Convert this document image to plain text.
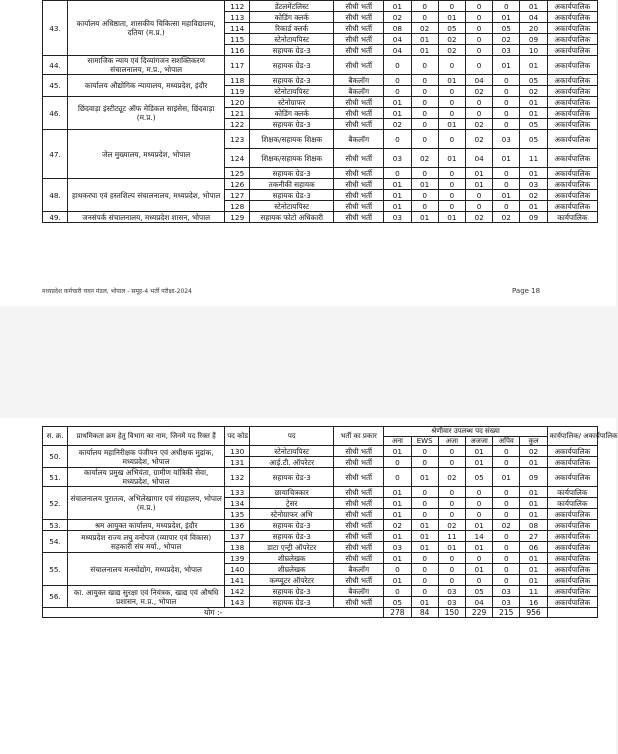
43.	कार्यालय अधिष्ठाता, शासकीय चिकित्सा महाविद्यालय, दतिया (म.प्र.)	112	डेंटलमेंटलिस्ट	सीधी भर्ती	01	0	0	0	0	01	अकार्यपालिक
		113	कोडिंग क्लर्क	सीधी भर्ती	02	0	01	0	01	04	अकार्यपालिक
		114	रिकार्ड क्लर्क	सीधी भर्ती	08	02	05	0	05	20	अकार्यपालिक
		115	स्टेनोटायपिस्ट	सीधी भर्ती	04	01	02	0	02	09	अकार्यपालिक
		116	सहायक ग्रेड-3	सीधी भर्ती	04	01	02	0	03	10	अकार्यपालिक
44.	सामाजिक न्याय एवं दिव्यांगजन सशक्तिकरण संचालनालय, म.प्र., भोपाल	117	सहायक ग्रेड-3	सीधी भर्ती	0	0	0	0	01	01	अकार्यपालिक
45.	कार्यालय औद्योगिक न्यायालय, मध्यप्रदेश, इंदौर	118	सहायक ग्रेड-3	बैकलॉग	0	0	01	04	0	05	अकार्यपालिक
		119	स्टेनोटायपिस्ट	बैकलॉग	0	0	0	02	0	02	अकार्यपालिक
46.	छिंदवाड़ा इंस्टीट्यूट ऑफ मेडिकल साइंसेस, छिंदवाड़ा (म.प्र.)	120	स्टेनोग्राफर	सीधी भर्ती	01	0	0	0	0	01	अकार्यपालिक
		121	कोडिंग क्लर्क	सीधी भर्ती	01	0	0	0	0	01	अकार्यपालिक
		122	सहायक ग्रेड-3	सीधी भर्ती	02	0	01	02	0	05	अकार्यपालिक
47.	जेल मुख्यालय, मध्यप्रदेश, भोपाल	123	शिक्षक/सहायक शिक्षक	बैकलॉग	0	0	0	02	03	05	अकार्यपालिक
		124	शिक्षक/सहायक शिक्षक	सीधी भर्ती	03	02	01	04	01	11	अकार्यपालिक
		125	सहायक ग्रेड-3	सीधी भर्ती	0	0	0	01	0	01	अकार्यपालिक
48.	हाथकरघा एवं हस्तशिल्प संचालनालय, मध्यप्रदेश, भोपाल	126	तकनीकी सहायक	सीधी भर्ती	01	01	0	01	0	03	अकार्यपालिक
		127	सहायक ग्रेड-3	सीधी भर्ती	01	0	0	0	01	02	अकार्यपालिक
		128	स्टेनोटायपिस्ट	सीधी भर्ती	01	0	0	0	0	01	अकार्यपालिक
49.	जनसंपर्क संचालनालय, मध्यप्रदेश शासन, भोपाल	129	सहायक फोटो अधिकारी	सीधी भर्ती	03	01	01	02	02	09	कार्यपालिक
मध्यप्रदेश कर्मचारी चयन मंडल, भोपाल - समूह-4 भर्ती परीक्षा-2024	Page 18
स. क्र.	प्राथमिकता क्रम हेतु विभाग का नाम, जिनमें पद रिक्त हैं	पद कोड	पद	भर्ती का प्रकार	श्रेणीवार उपलब्ध पद संख्या						कार्यपालिक/ अकार्यपालिक
					अना	EWS	अजा	अजजा	अपिव	कुल	
50.	कार्यालय महानिरीक्षक पंजीयन एवं अधीक्षक मुद्रांक, मध्यप्रदेश, भोपाल	130	स्टेनोटायपिस्ट	सीधी भर्ती	01	0	0	01	0	02	अकार्यपालिक
		131	आई.टी. ऑपरेटर	सीधी भर्ती	0	0	0	01	0	01	अकार्यपालिक
51.	कार्यालय प्रमुख अभियंता, ग्रामीण यांत्रिकी सेवा, मध्यप्रदेश, भोपाल	132	सहायक ग्रेड-3	सीधी भर्ती	0	01	02	05	01	09	अकार्यपालिक
52.	संचालनालय पुरातत्व, अभिलेखागार एवं संग्रहालय, भोपाल (म.प्र.)	133	छायाचित्रकार	सीधी भर्ती	01	0	0	0	0	01	कार्यपालिक
		134	ट्रेसर	सीधी भर्ती	01	0	0	0	0	01	कार्यपालिक
		135	स्टेनोग्राफर अभि	सीधी भर्ती	01	0	0	0	0	01	अकार्यपालिक
53.	श्रम आयुक्त कार्यालय, मध्यप्रदेश, इंदौर	136	सहायक ग्रेड-3	सीधी भर्ती	02	01	02	01	02	08	अकार्यपालिक
54.	मध्यप्रदेश राज्य लघु वनोपज (व्यापार एवं विकास) सहकारी संघ मर्या., भोपाल	137	सहायक ग्रेड-3	सीधी भर्ती	01	01	11	14	0	27	अकार्यपालिक
		138	डाटा एन्ट्री ऑपरेटर	सीधी भर्ती	03	01	01	01	0	06	अकार्यपालिक
55.	संचालनालय मत्स्योद्योग, मध्यप्रदेश, भोपाल	139	शीघ्रलेखक	सीधी भर्ती	01	0	0	0	0	01	अकार्यपालिक
		140	शीघ्रलेखक	बैकलॉग	0	0	0	01	0	01	अकार्यपालिक
		141	कम्प्यूटर ऑपरेटर	सीधी भर्ती	01	0	0	0	0	01	अकार्यपालिक
56.	का. आयुक्त खाद्य सुरक्षा एवं नियंत्रक, खाद्य एवं औषधि प्रशासन, म.प्र., भोपाल	142	सहायक ग्रेड-3	बैकलॉग	0	0	03	05	03	11	अकार्यपालिक
		143	सहायक ग्रेड-3	सीधी भर्ती	05	01	03	04	03	16	अकार्यपालिक
योग :-					278	84	150	229	215	956	
